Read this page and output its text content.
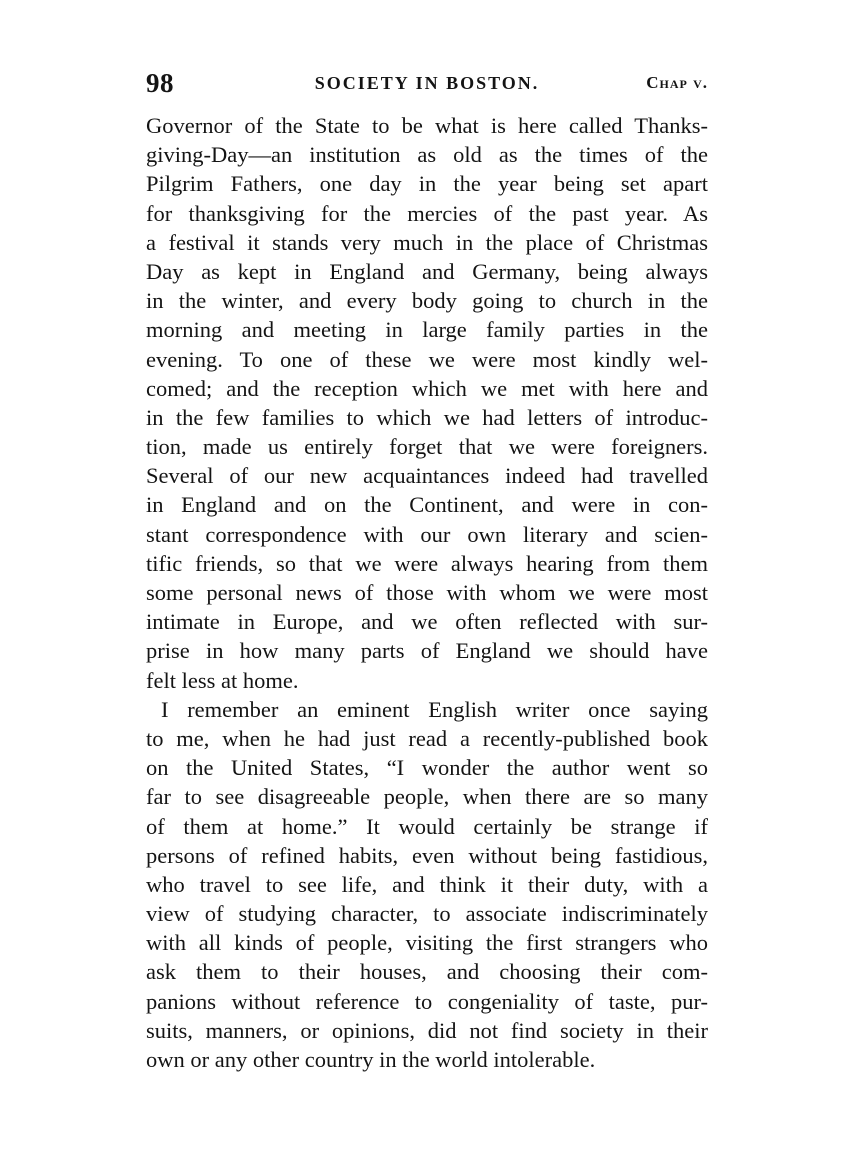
98	SOCIETY IN BOSTON.	Chap v.
Governor of the State to be what is here called Thanks-
giving-Day—an institution as old as the times of the
Pilgrim Fathers, one day in the year being set apart
for thanksgiving for the mercies of the past year. As
a festival it stands very much in the place of Christmas
Day as kept in England and Germany, being always
in the winter, and every body going to church in the
morning and meeting in large family parties in the
evening. To one of these we were most kindly wel-
comed; and the reception which we met with here and
in the few families to which we had letters of introduc-
tion, made us entirely forget that we were foreigners.
Several of our new acquaintances indeed had travelled
in England and on the Continent, and were in con-
stant correspondence with our own literary and scien-
tific friends, so that we were always hearing from them
some personal news of those with whom we were most
intimate in Europe, and we often reflected with sur-
prise in how many parts of England we should have
felt less at home.
I remember an eminent English writer once saying
to me, when he had just read a recently-published book
on the United States, “I wonder the author went so
far to see disagreeable people, when there are so many
of them at home.” It would certainly be strange if
persons of refined habits, even without being fastidious,
who travel to see life, and think it their duty, with a
view of studying character, to associate indiscriminately
with all kinds of people, visiting the first strangers who
ask them to their houses, and choosing their com-
panions without reference to congeniality of taste, pur-
suits, manners, or opinions, did not find society in their
own or any other country in the world intolerable.
